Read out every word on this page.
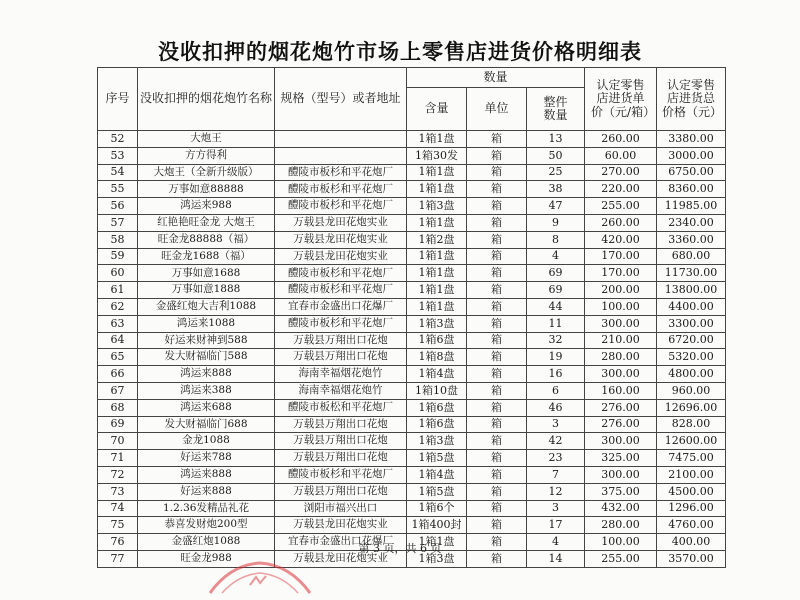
没收扣押的烟花炮竹市场上零售店进货价格明细表
序号	没收扣押的烟花炮竹名称	规格（型号）或者地址	数量			认定零售店进货单价（元/箱）	认定零售店进货总价格（元）

			含量	单位	整件数量		

52	大炮王		1箱1盘	箱	13	260.00	3380.00
53	方方得利		1箱30发	箱	50	60.00	3000.00
54	大炮王（全新升级版）	醴陵市板杉和平花炮厂	1箱1盘	箱	25	270.00	6750.00
55	万事如意88888	醴陵市板杉和平花炮厂	1箱1盘	箱	38	220.00	8360.00
56	鸿运来988	醴陵市板杉和平花炮厂	1箱3盘	箱	47	255.00	11985.00
57	红艳艳旺金龙 大炮王	万载县龙田花炮实业	1箱1盘	箱	9	260.00	2340.00
58	旺金龙88888（福）	万载县龙田花炮实业	1箱2盘	箱	8	420.00	3360.00
59	旺金龙1688（福）	万载县龙田花炮实业	1箱1盘	箱	4	170.00	680.00
60	万事如意1688	醴陵市板杉和平花炮厂	1箱1盘	箱	69	170.00	11730.00
61	万事如意1888	醴陵市板杉和平花炮厂	1箱1盘	箱	69	200.00	13800.00
62	金盛红炮大吉利1088	宜春市金盛出口花爆厂	1箱1盘	箱	44	100.00	4400.00
63	鸿运来1088	醴陵市板杉和平花炮厂	1箱3盘	箱	11	300.00	3300.00
64	好运来财神到588	万载县万翔出口花炮	1箱6盘	箱	32	210.00	6720.00
65	发大财福临门588	万载县万翔出口花炮	1箱8盘	箱	19	280.00	5320.00
66	鸿运来888	海南幸福烟花炮竹	1箱4盘	箱	16	300.00	4800.00
67	鸿运来388	海南幸福烟花炮竹	1箱10盘	箱	6	160.00	960.00
68	鸿运来688	醴陵市板松和平花炮厂	1箱6盘	箱	46	276.00	12696.00
69	发大财福临门688	万载县万翔出口花炮	1箱6盘	箱	3	276.00	828.00
70	金龙1088	万载县万翔出口花炮	1箱3盘	箱	42	300.00	12600.00
71	好运来788	万载县万翔出口花炮	1箱5盘	箱	23	325.00	7475.00
72	鸿运来888	醴陵市板杉和平花炮厂	1箱4盘	箱	7	300.00	2100.00
73	好运来888	万载县万翔出口花炮	1箱5盘	箱	12	375.00	4500.00
74	1.2.36发精品礼花	浏阳市福兴出口	1箱6个	箱	3	432.00	1296.00
75	恭喜发财炮200型	万载县龙田花炮实业	1箱400封	箱	17	280.00	4760.00
76	金盛红炮1088	宜春市金盛出口花爆厂	1箱1盘	箱	4	100.00	400.00
77	旺金龙988	万载县龙田花炮实业	1箱3盘	箱	14	255.00	3570.00
第 3 页，共 6 页
